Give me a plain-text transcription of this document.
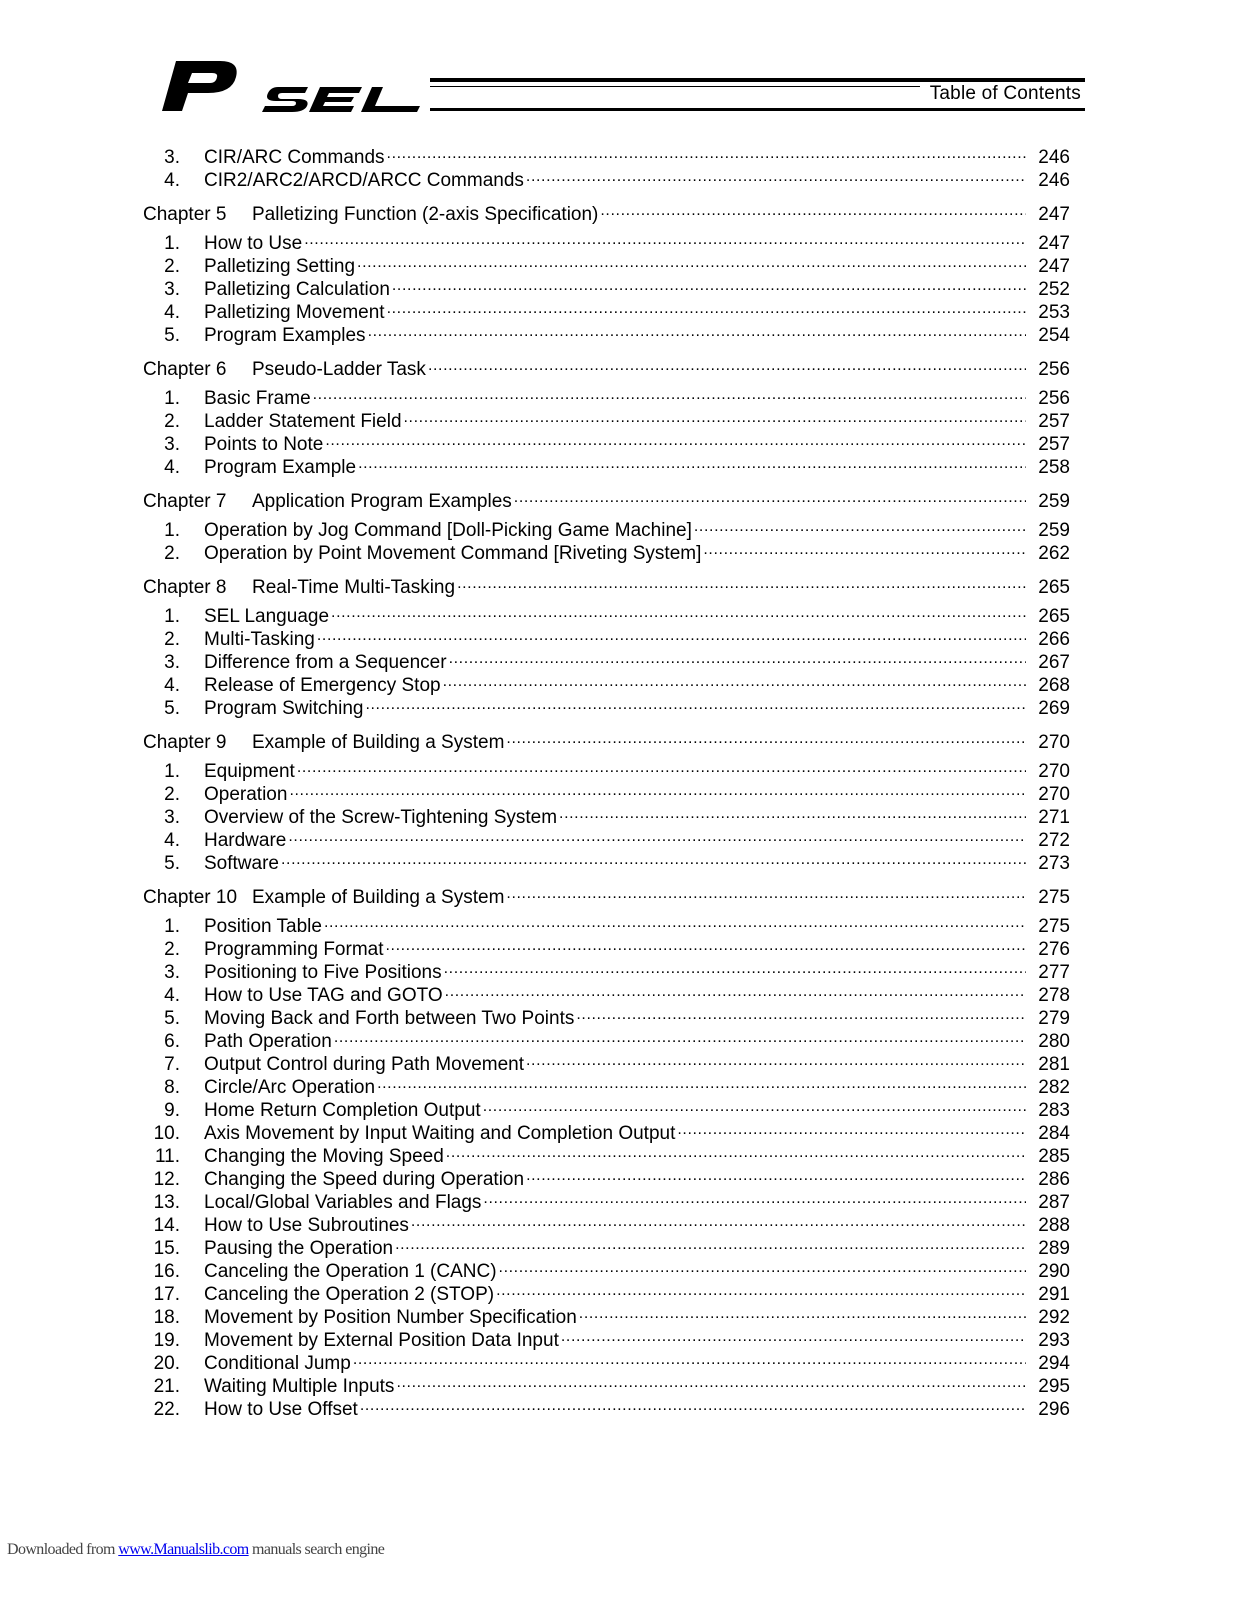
Table of Contents
3.	CIR/ARC Commands .....	246
4.	CIR2/ARC2/ARCD/ARCC Commands .....	246
Chapter 5	Palletizing Function (2-axis Specification) .....	247
1.	How to Use .....	247
2.	Palletizing Setting .....	247
3.	Palletizing Calculation .....	252
4.	Palletizing Movement .....	253
5.	Program Examples .....	254
Chapter 6	Pseudo-Ladder Task .....	256
1.	Basic Frame .....	256
2.	Ladder Statement Field .....	257
3.	Points to Note .....	257
4.	Program Example .....	258
Chapter 7	Application Program Examples .....	259
1.	Operation by Jog Command [Doll-Picking Game Machine] .....	259
2.	Operation by Point Movement Command [Riveting System] .....	262
Chapter 8	Real-Time Multi-Tasking .....	265
1.	SEL Language .....	265
2.	Multi-Tasking .....	266
3.	Difference from a Sequencer .....	267
4.	Release of Emergency Stop .....	268
5.	Program Switching .....	269
Chapter 9	Example of Building a System .....	270
1.	Equipment .....	270
2.	Operation .....	270
3.	Overview of the Screw-Tightening System .....	271
4.	Hardware .....	272
5.	Software .....	273
Chapter 10 Example of Building a System .....	275
1.	Position Table .....	275
2.	Programming Format .....	276
3.	Positioning to Five Positions .....	277
4.	How to Use TAG and GOTO .....	278
5.	Moving Back and Forth between Two Points .....	279
6.	Path Operation .....	280
7.	Output Control during Path Movement .....	281
8.	Circle/Arc Operation .....	282
9.	Home Return Completion Output .....	283
10.	Axis Movement by Input Waiting and Completion Output .....	284
11.	Changing the Moving Speed .....	285
12.	Changing the Speed during Operation .....	286
13.	Local/Global Variables and Flags .....	287
14.	How to Use Subroutines .....	288
15.	Pausing the Operation .....	289
16.	Canceling the Operation 1 (CANC) .....	290
17.	Canceling the Operation 2 (STOP) .....	291
18.	Movement by Position Number Specification .....	292
19.	Movement by External Position Data Input .....	293
20.	Conditional Jump .....	294
21.	Waiting Multiple Inputs .....	295
22.	How to Use Offset .....	296
Downloaded from www.Manualslib.com manuals search engine
